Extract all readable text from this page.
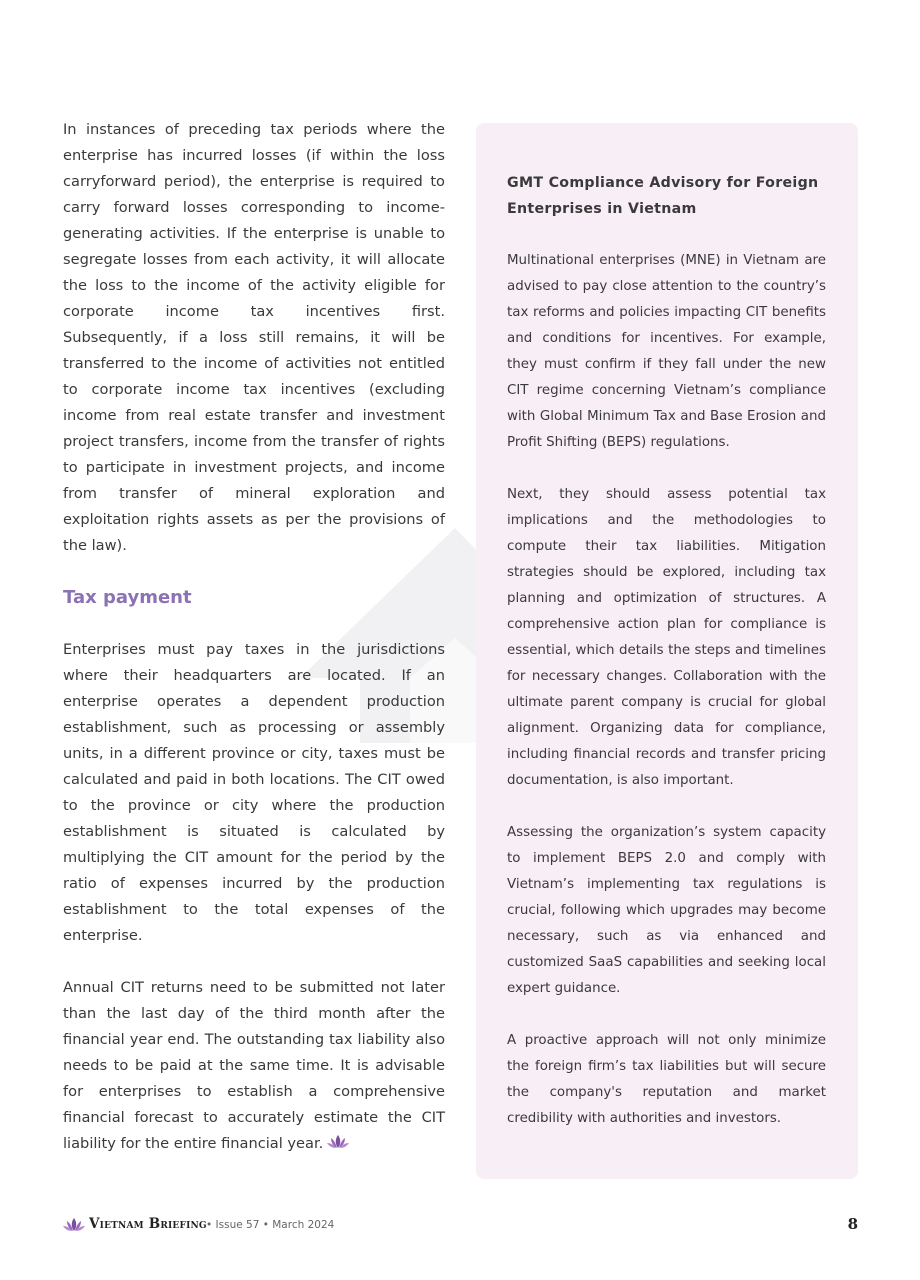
In instances of preceding tax periods where the enterprise has incurred losses (if within the loss carryforward period), the enterprise is required to carry forward losses corresponding to income-generating activities. If the enterprise is unable to segregate losses from each activity, it will allocate the loss to the income of the activity eligible for corporate income tax incentives first. Subsequently, if a loss still remains, it will be transferred to the income of activities not entitled to corporate income tax incentives (excluding income from real estate transfer and investment project transfers, income from the transfer of rights to participate in investment projects, and income from transfer of mineral exploration and exploitation rights assets as per the provisions of the law).

Tax payment

Enterprises must pay taxes in the jurisdictions where their headquarters are located. If an enterprise operates a dependent production establishment, such as processing or assembly units, in a different province or city, taxes must be calculated and paid in both locations. The CIT owed to the province or city where the production establishment is situated is calculated by multiplying the CIT amount for the period by the ratio of expenses incurred by the production establishment to the total expenses of the enterprise.

Annual CIT returns need to be submitted not later than the last day of the third month after the financial year end. The outstanding tax liability also needs to be paid at the same time. It is advisable for enterprises to establish a comprehensive financial forecast to accurately estimate the CIT liability for the entire financial year.

GMT Compliance Advisory for Foreign Enterprises in Vietnam

Multinational enterprises (MNE) in Vietnam are advised to pay close attention to the country’s tax reforms and policies impacting CIT benefits and conditions for incentives. For example, they must confirm if they fall under the new CIT regime concerning Vietnam’s compliance with Global Minimum Tax and Base Erosion and Profit Shifting (BEPS) regulations.

Next, they should assess potential tax implications and the methodologies to compute their tax liabilities. Mitigation strategies should be explored, including tax planning and optimization of structures. A comprehensive action plan for compliance is essential, which details the steps and timelines for necessary changes. Collaboration with the ultimate parent company is crucial for global alignment. Organizing data for compliance, including financial records and transfer pricing documentation, is also important.

Assessing the organization’s system capacity to implement BEPS 2.0 and comply with Vietnam’s implementing tax regulations is crucial, following which upgrades may become necessary, such as via enhanced and customized SaaS capabilities and seeking local expert guidance.

A proactive approach will not only minimize the foreign firm’s tax liabilities but will secure the company's reputation and market credibility with authorities and investors.

Vietnam Briefing • Issue 57 • March 2024	8
